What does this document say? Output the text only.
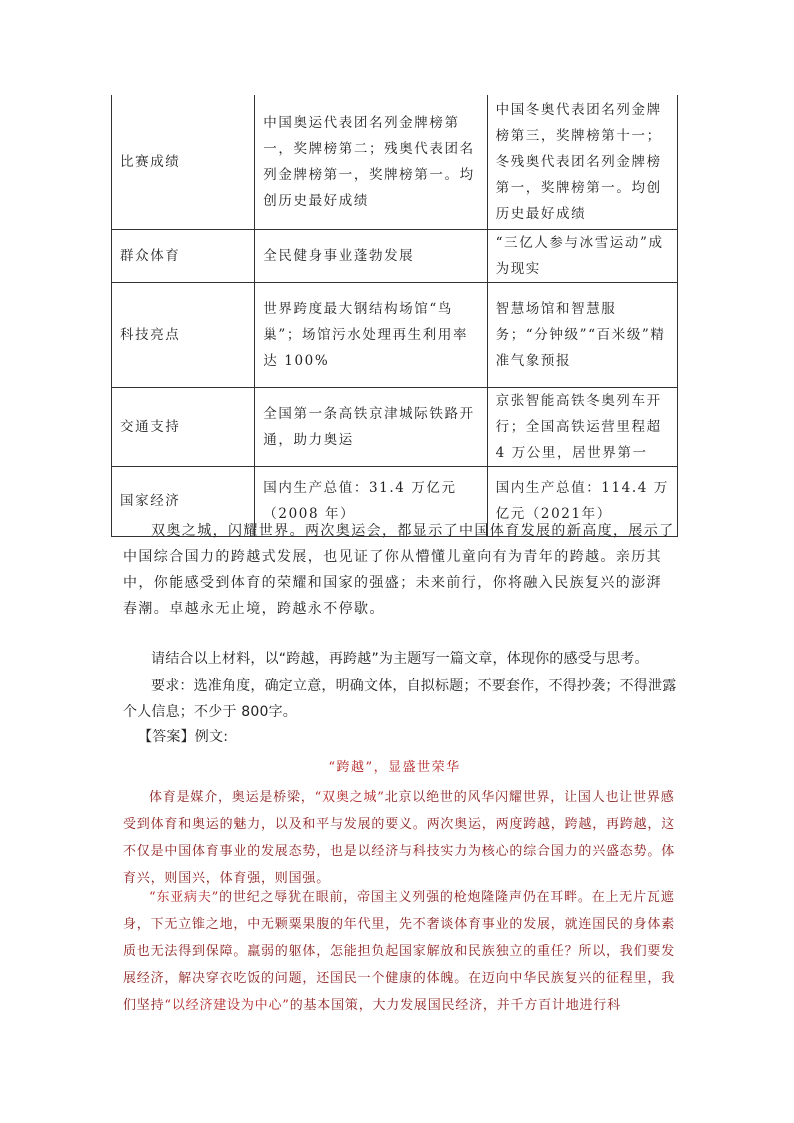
比赛成绩	中国奥运代表团名列金牌榜第一，奖牌榜第二；残奥代表团名列金牌榜第一，奖牌榜第一。均创历史最好成绩	中国冬奥代表团名列金牌榜第三，奖牌榜第十一；冬残奥代表团名列金牌榜第一，奖牌榜第一。均创历史最好成绩
群众体育	全民健身事业蓬勃发展	“三亿人参与冰雪运动”成为现实
科技亮点	世界跨度最大钢结构场馆“鸟巢”；场馆污水处理再生利用率达 100%	智慧场馆和智慧服务；“分钟级”“百米级”精准气象预报
交通支持	全国第一条高铁京津城际铁路开通，助力奥运	京张智能高铁冬奥列车开行；全国高铁运营里程超 4 万公里，居世界第一
国家经济	国内生产总值：31.4 万亿元（2008 年）	国内生产总值：114.4 万亿元（2021年）
双奥之城，闪耀世界。两次奥运会，都显示了中国体育发展的新高度，展示了中国综合国力的跨越式发展，也见证了你从懵懂儿童向有为青年的跨越。亲历其中，你能感受到体育的荣耀和国家的强盛；未来前行，你将融入民族复兴的澎湃春潮。卓越永无止境，跨越永不停歇。
请结合以上材料，以“跨越，再跨越”为主题写一篇文章，体现你的感受与思考。
要求：选准角度，确定立意，明确文体，自拟标题；不要套作，不得抄袭；不得泄露个人信息；不少于 800字。
【答案】例文:
“跨越”，显盛世荣华
体育是媒介，奥运是桥梁，“双奥之城”北京以绝世的风华闪耀世界，让国人也让世界感受到体育和奥运的魅力，以及和平与发展的要义。两次奥运，两度跨越，跨越，再跨越，这不仅是中国体育事业的发展态势，也是以经济与科技实力为核心的综合国力的兴盛态势。体育兴，则国兴，体育强，则国强。
“东亚病夫”的世纪之辱犹在眼前，帝国主义列强的枪炮隆隆声仍在耳畔。在上无片瓦遮身，下无立锥之地，中无颗粟果腹的年代里，先不奢谈体育事业的发展，就连国民的身体素质也无法得到保障。羸弱的躯体，怎能担负起国家解放和民族独立的重任？所以，我们要发展经济，解决穿衣吃饭的问题，还国民一个健康的体魄。在迈向中华民族复兴的征程里，我们坚持“以经济建设为中心”的基本国策，大力发展国民经济，并千方百计地进行科
